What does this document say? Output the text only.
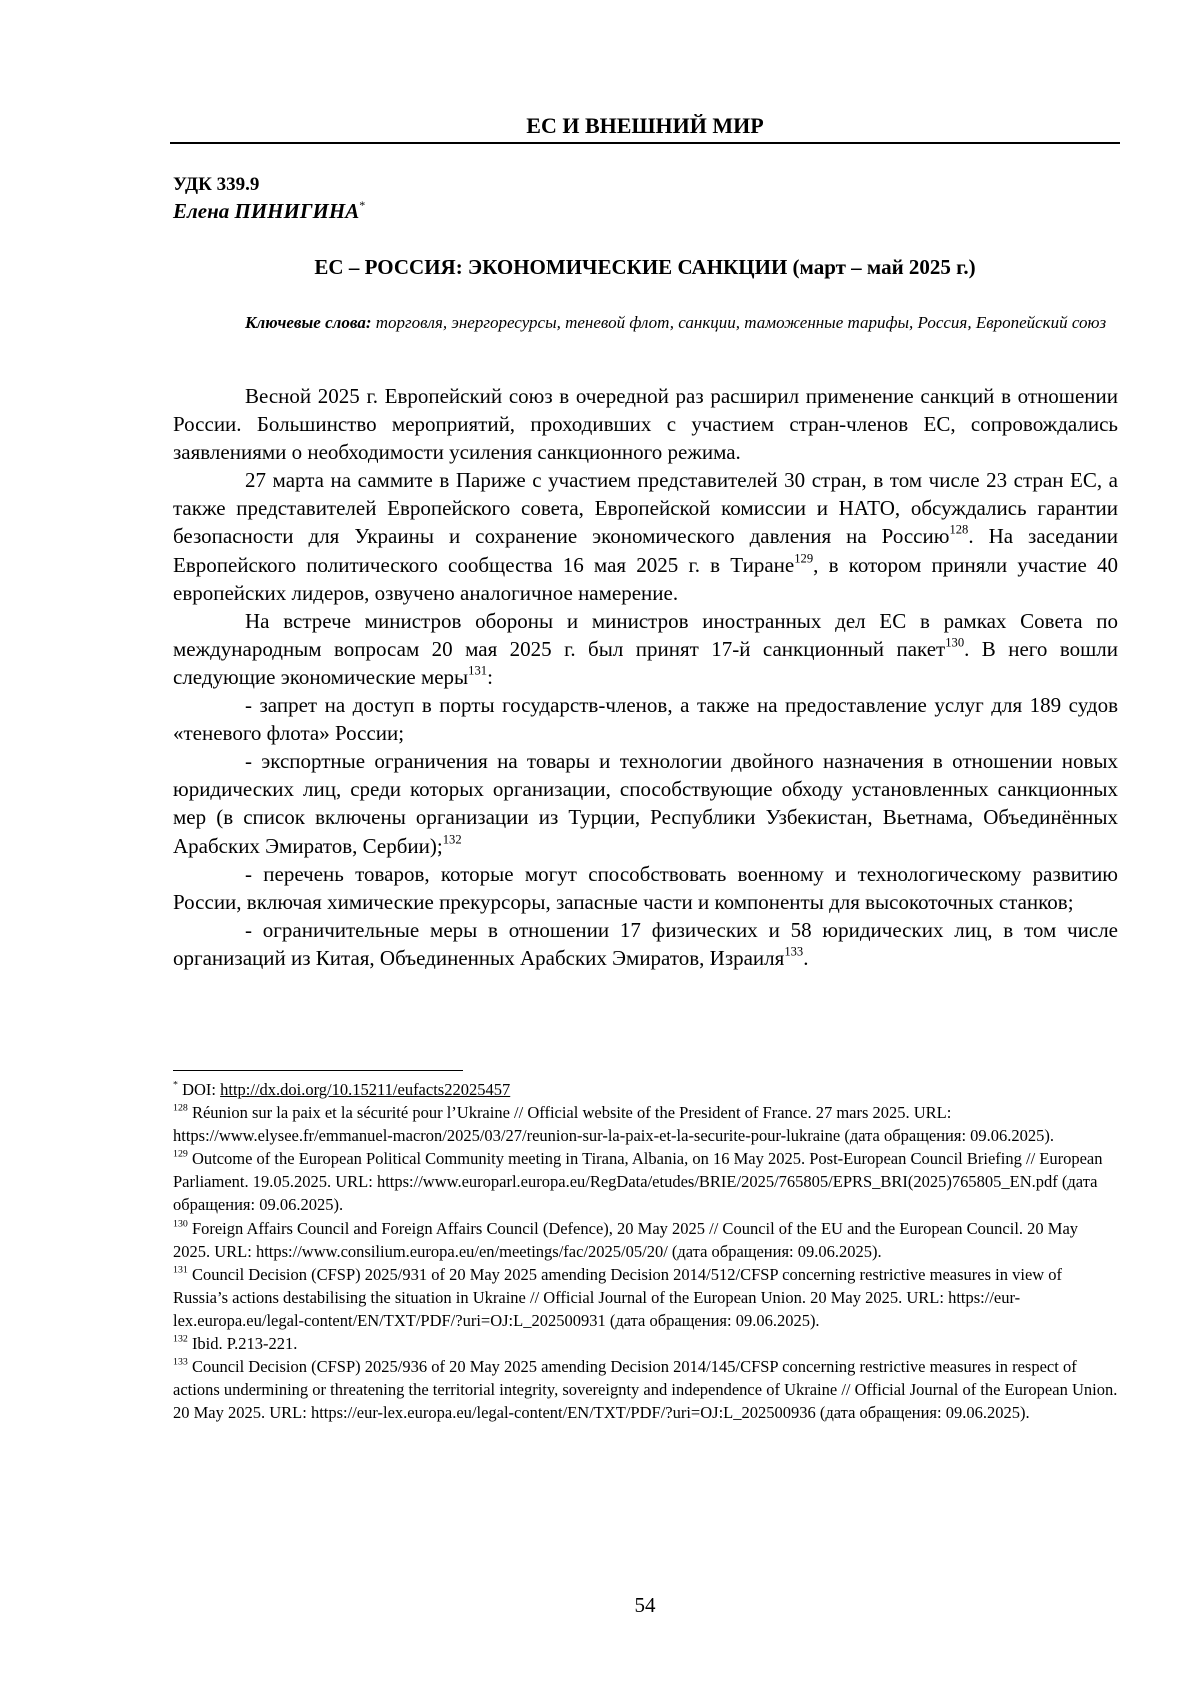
ЕС И ВНЕШНИЙ МИР
УДК 339.9
Елена ПИНИГИНА*
ЕС – РОССИЯ: ЭКОНОМИЧЕСКИЕ САНКЦИИ (март – май 2025 г.)
Ключевые слова: торговля, энергоресурсы, теневой флот, санкции, таможенные тарифы, Россия, Европейский союз

Весной 2025 г. Европейский союз в очередной раз расширил применение санкций в отношении России. Большинство мероприятий, проходивших с участием стран-членов ЕС, сопровождались заявлениями о необходимости усиления санкционного режима.

27 марта на саммите в Париже с участием представителей 30 стран, в том числе 23 стран ЕС, а также представителей Европейского совета, Европейской комиссии и НАТО, обсуждались гарантии безопасности для Украины и сохранение экономического давления на Россию$^{128}$. На заседании Европейского политического сообщества 16 мая 2025 г. в Тиране$^{129}$, в котором приняли участие 40 европейских лидеров, озвучено аналогичное намерение.

На встрече министров обороны и министров иностранных дел ЕС в рамках Совета по международным вопросам 20 мая 2025 г. был принят 17-й санкционный пакет$^{130}$. В него вошли следующие экономические меры$^{131}$:

- запрет на доступ в порты государств-членов, а также на предоставление услуг для 189 судов «теневого флота» России;

- экспортные ограничения на товары и технологии двойного назначения в отношении новых юридических лиц, среди которых организации, способствующие обходу установленных санкционных мер (в список включены организации из Турции, Республики Узбекистан, Вьетнама, Объединённых Арабских Эмиратов, Сербии);$^{132}$

- перечень товаров, которые могут способствовать военному и технологическому развитию России, включая химические прекурсоры, запасные части и компоненты для высокоточных станков;

- ограничительные меры в отношении 17 физических и 58 юридических лиц, в том числе организаций из Китая, Объединенных Арабских Эмиратов, Израиля$^{133}$.

* DOI: http://dx.doi.org/10.15211/eufacts22025457

$^{128}$ Réunion sur la paix et la sécurité pour l’Ukraine // Official website of the President of France. 27 mars 2025. URL: https://www.elysee.fr/emmanuel-macron/2025/03/27/reunion-sur-la-paix-et-la-securite-pour-lukraine (дата обращения: 09.06.2025).

$^{129}$ Outcome of the European Political Community meeting in Tirana, Albania, on 16 May 2025. Post-European Council Briefing // European Parliament. 19.05.2025. URL: https://www.europarl.europa.eu/RegData/etudes/BRIE/2025/765805/EPRS_BRI(2025)765805_EN.pdf (дата обращения: 09.06.2025).

$^{130}$ Foreign Affairs Council and Foreign Affairs Council (Defence), 20 May 2025 // Council of the EU and the European Council. 20 May 2025. URL: https://www.consilium.europa.eu/en/meetings/fac/2025/05/20/ (дата обращения: 09.06.2025).

$^{131}$ Council Decision (CFSP) 2025/931 of 20 May 2025 amending Decision 2014/512/CFSP concerning restrictive measures in view of Russia’s actions destabilising the situation in Ukraine // Official Journal of the European Union. 20 May 2025. URL: https://eur-lex.europa.eu/legal-content/EN/TXT/PDF/?uri=OJ:L_202500931 (дата обращения: 09.06.2025).

$^{132}$ Ibid. P.213-221.

$^{133}$ Council Decision (CFSP) 2025/936 of 20 May 2025 amending Decision 2014/145/CFSP concerning restrictive measures in respect of actions undermining or threatening the territorial integrity, sovereignty and independence of Ukraine // Official Journal of the European Union. 20 May 2025. URL: https://eur-lex.europa.eu/legal-content/EN/TXT/PDF/?uri=OJ:L_202500936 (дата обращения: 09.06.2025).

54
